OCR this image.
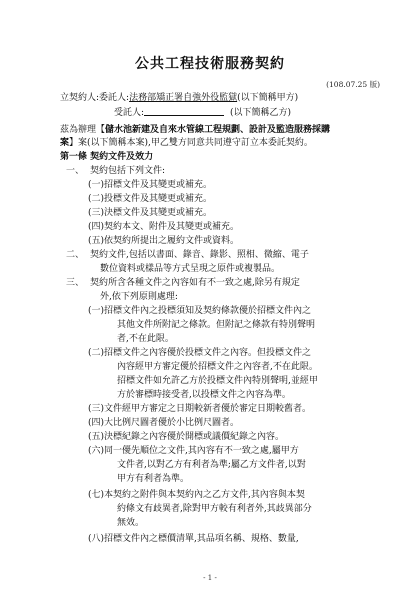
公共工程技術服務契約
(108.07.25 版)
立契約人:委託人:法務部矯正署自強外役監獄(以下簡稱甲方)
受託人:	(以下簡稱乙方)
茲為辦理【儲水池新建及自來水管線工程規劃、設計及監造服務採購
案】案(以下簡稱本案),甲乙雙方同意共同遵守訂立本委託契約。
第一條 契約文件及效力
一、 契約包括下列文件:
(一)招標文件及其變更或補充。
(二)投標文件及其變更或補充。
(三)決標文件及其變更或補充。
(四)契約本文、附件及其變更或補充。
(五)依契約所提出之履約文件或資料。
二、 契約文件,包括以書面、錄音、錄影、照相、微縮、電子
數位資料或樣品等方式呈現之原件或複製品。
三、 契約所含各種文件之內容如有不一致之處,除另有規定
外,依下列原則處理:
(一)招標文件內之投標須知及契約條款優於招標文件內之
其他文件所附記之條款。但附記之條款有特別聲明
者,不在此限。
(二)招標文件之內容優於投標文件之內容。但投標文件之
內容經甲方審定優於招標文件之內容者,不在此限。
招標文件如允許乙方於投標文件內特別聲明,並經甲
方於審標時接受者,以投標文件之內容為準。
(三)文件經甲方審定之日期較新者優於審定日期較舊者。
(四)大比例尺圖者優於小比例尺圖者。
(五)決標紀錄之內容優於開標或議價紀錄之內容。
(六)同一優先順位之文件,其內容有不一致之處,屬甲方
文件者,以對乙方有利者為準;屬乙方文件者,以對
甲方有利者為準。
(七)本契約之附件與本契約內之乙方文件,其內容與本契
約條文有歧異者,除對甲方較有利者外,其歧異部分
無效。
(八)招標文件內之標價清單,其品項名稱、規格、數量,
- 1 -
